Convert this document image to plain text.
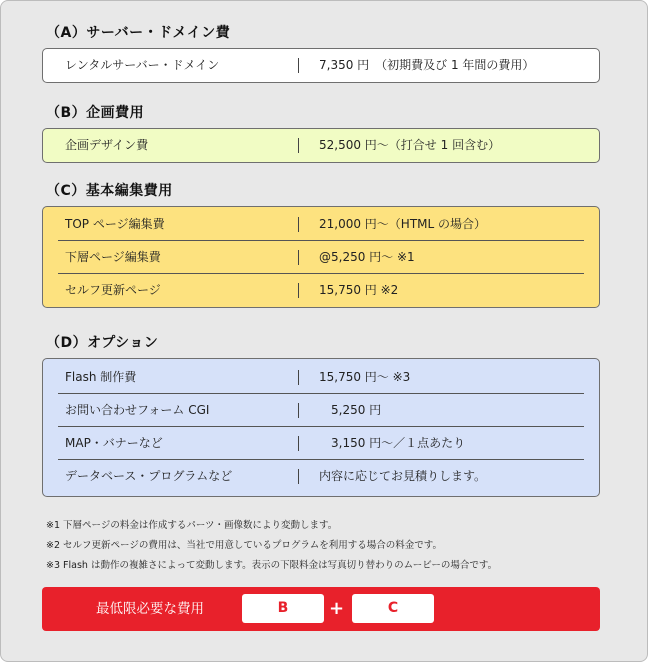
（A）サーバー・ドメイン費
レンタルサーバー・ドメイン	7,350 円　（初期費及び 1 年間の費用）
（B）企画費用
企画デザイン費	52,500 円～（打合せ 1 回含む）
（C）基本編集費用
TOP ページ編集費	21,000 円～（HTML の場合）
下層ページ編集費	@5,250 円～ ※1
セルフ更新ページ	15,750 円 ※2
（D）オプション
Flash 制作費	15,750 円～ ※3
お問い合わせフォーム CGI	　5,250 円
MAP・バナーなど	　3,150 円～／１点あたり
データベース・プログラムなど	内容に応じてお見積りします。
※1 下層ページの料金は作成するパーツ・画像数により変動します。
※2 セルフ更新ページの費用は、当社で用意しているプログラムを利用する場合の料金です。
※3 Flash は動作の複雑さによって変動します。表示の下限料金は写真切り替わりのムービーの場合です。
最低限必要な費用	B	+	C
